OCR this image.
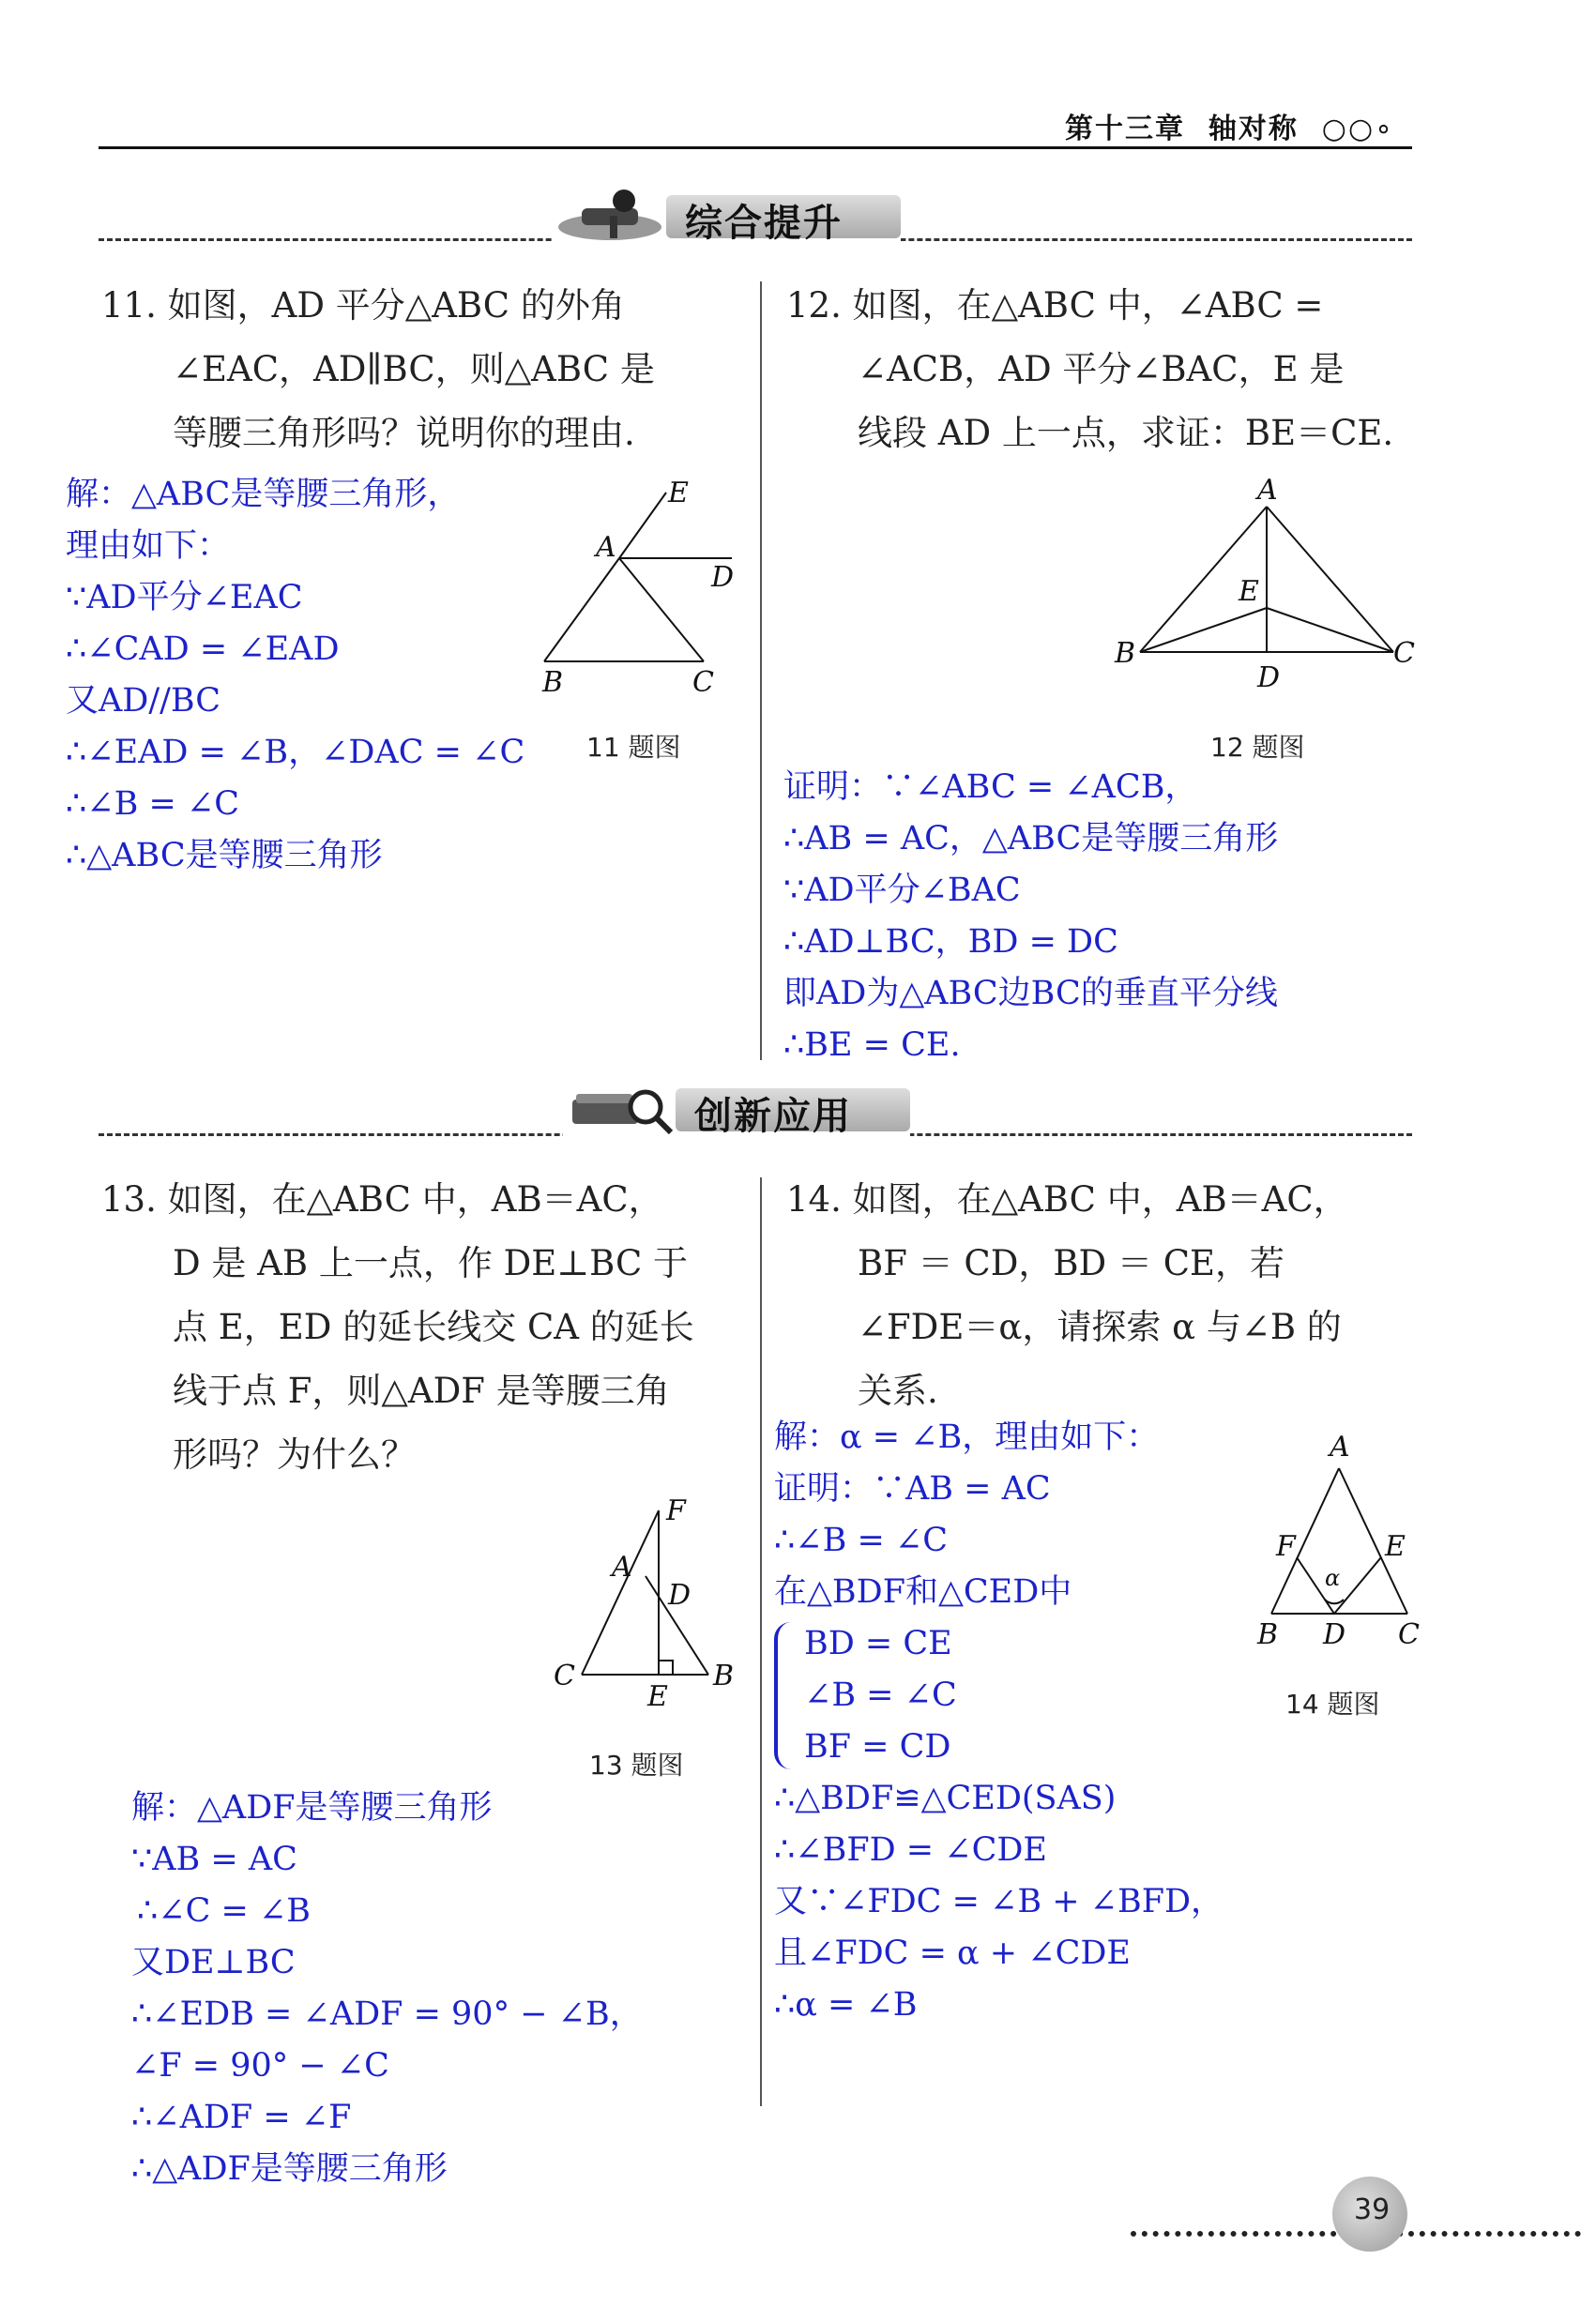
第十三章 轴对称 ○○∘
综合提升
11. 如图，AD 平分△ABC 的外角
∠EAC，AD∥BC，则△ABC 是
等腰三角形吗？说明你的理由.
E
A
D
B	C
11 题图
解：△ABC是等腰三角形，
理由如下：
∵AD平分∠EAC
∴∠CAD = ∠EAD
又AD//BC
∴∠EAD = ∠B，∠DAC = ∠C
∴∠B = ∠C
∴△ABC是等腰三角形
12. 如图，在△ABC 中，∠ABC =
∠ACB，AD 平分∠BAC，E 是
线段 AD 上一点，求证：BE＝CE.
A
E
B	C
D
12 题图
证明：∵∠ABC = ∠ACB，
∴AB = AC，△ABC是等腰三角形
∵AD平分∠BAC
∴AD⊥BC，BD = DC
即AD为△ABC边BC的垂直平分线
∴BE = CE.
创新应用
13. 如图，在△ABC 中，AB＝AC，
D 是 AB 上一点，作 DE⊥BC 于
点 E，ED 的延长线交 CA 的延长
线于点 F，则△ADF 是等腰三角
形吗？为什么？
F
A
D
C	B
E
13 题图
解：△ADF是等腰三角形
∵AB = AC
∴∠C = ∠B
又DE⊥BC
∴∠EDB = ∠ADF = 90° − ∠B，
∠F = 90° − ∠C
∴∠ADF = ∠F
∴△ADF是等腰三角形
14. 如图，在△ABC 中，AB＝AC，
BF ＝ CD，BD ＝ CE，若
∠FDE＝α，请探索 α 与∠B 的
关系.
A
F	E
α
B D C
14 题图
解：α = ∠B，理由如下：
证明：∵AB = AC
∴∠B = ∠C
在△BDF和△CED中
BD = CE
∠B = ∠C
BF = CD
∴△BDF≌△CED(SAS)
∴∠BFD = ∠CDE
又∵∠FDC = ∠B + ∠BFD，
且∠FDC = α + ∠CDE
∴α = ∠B
39
